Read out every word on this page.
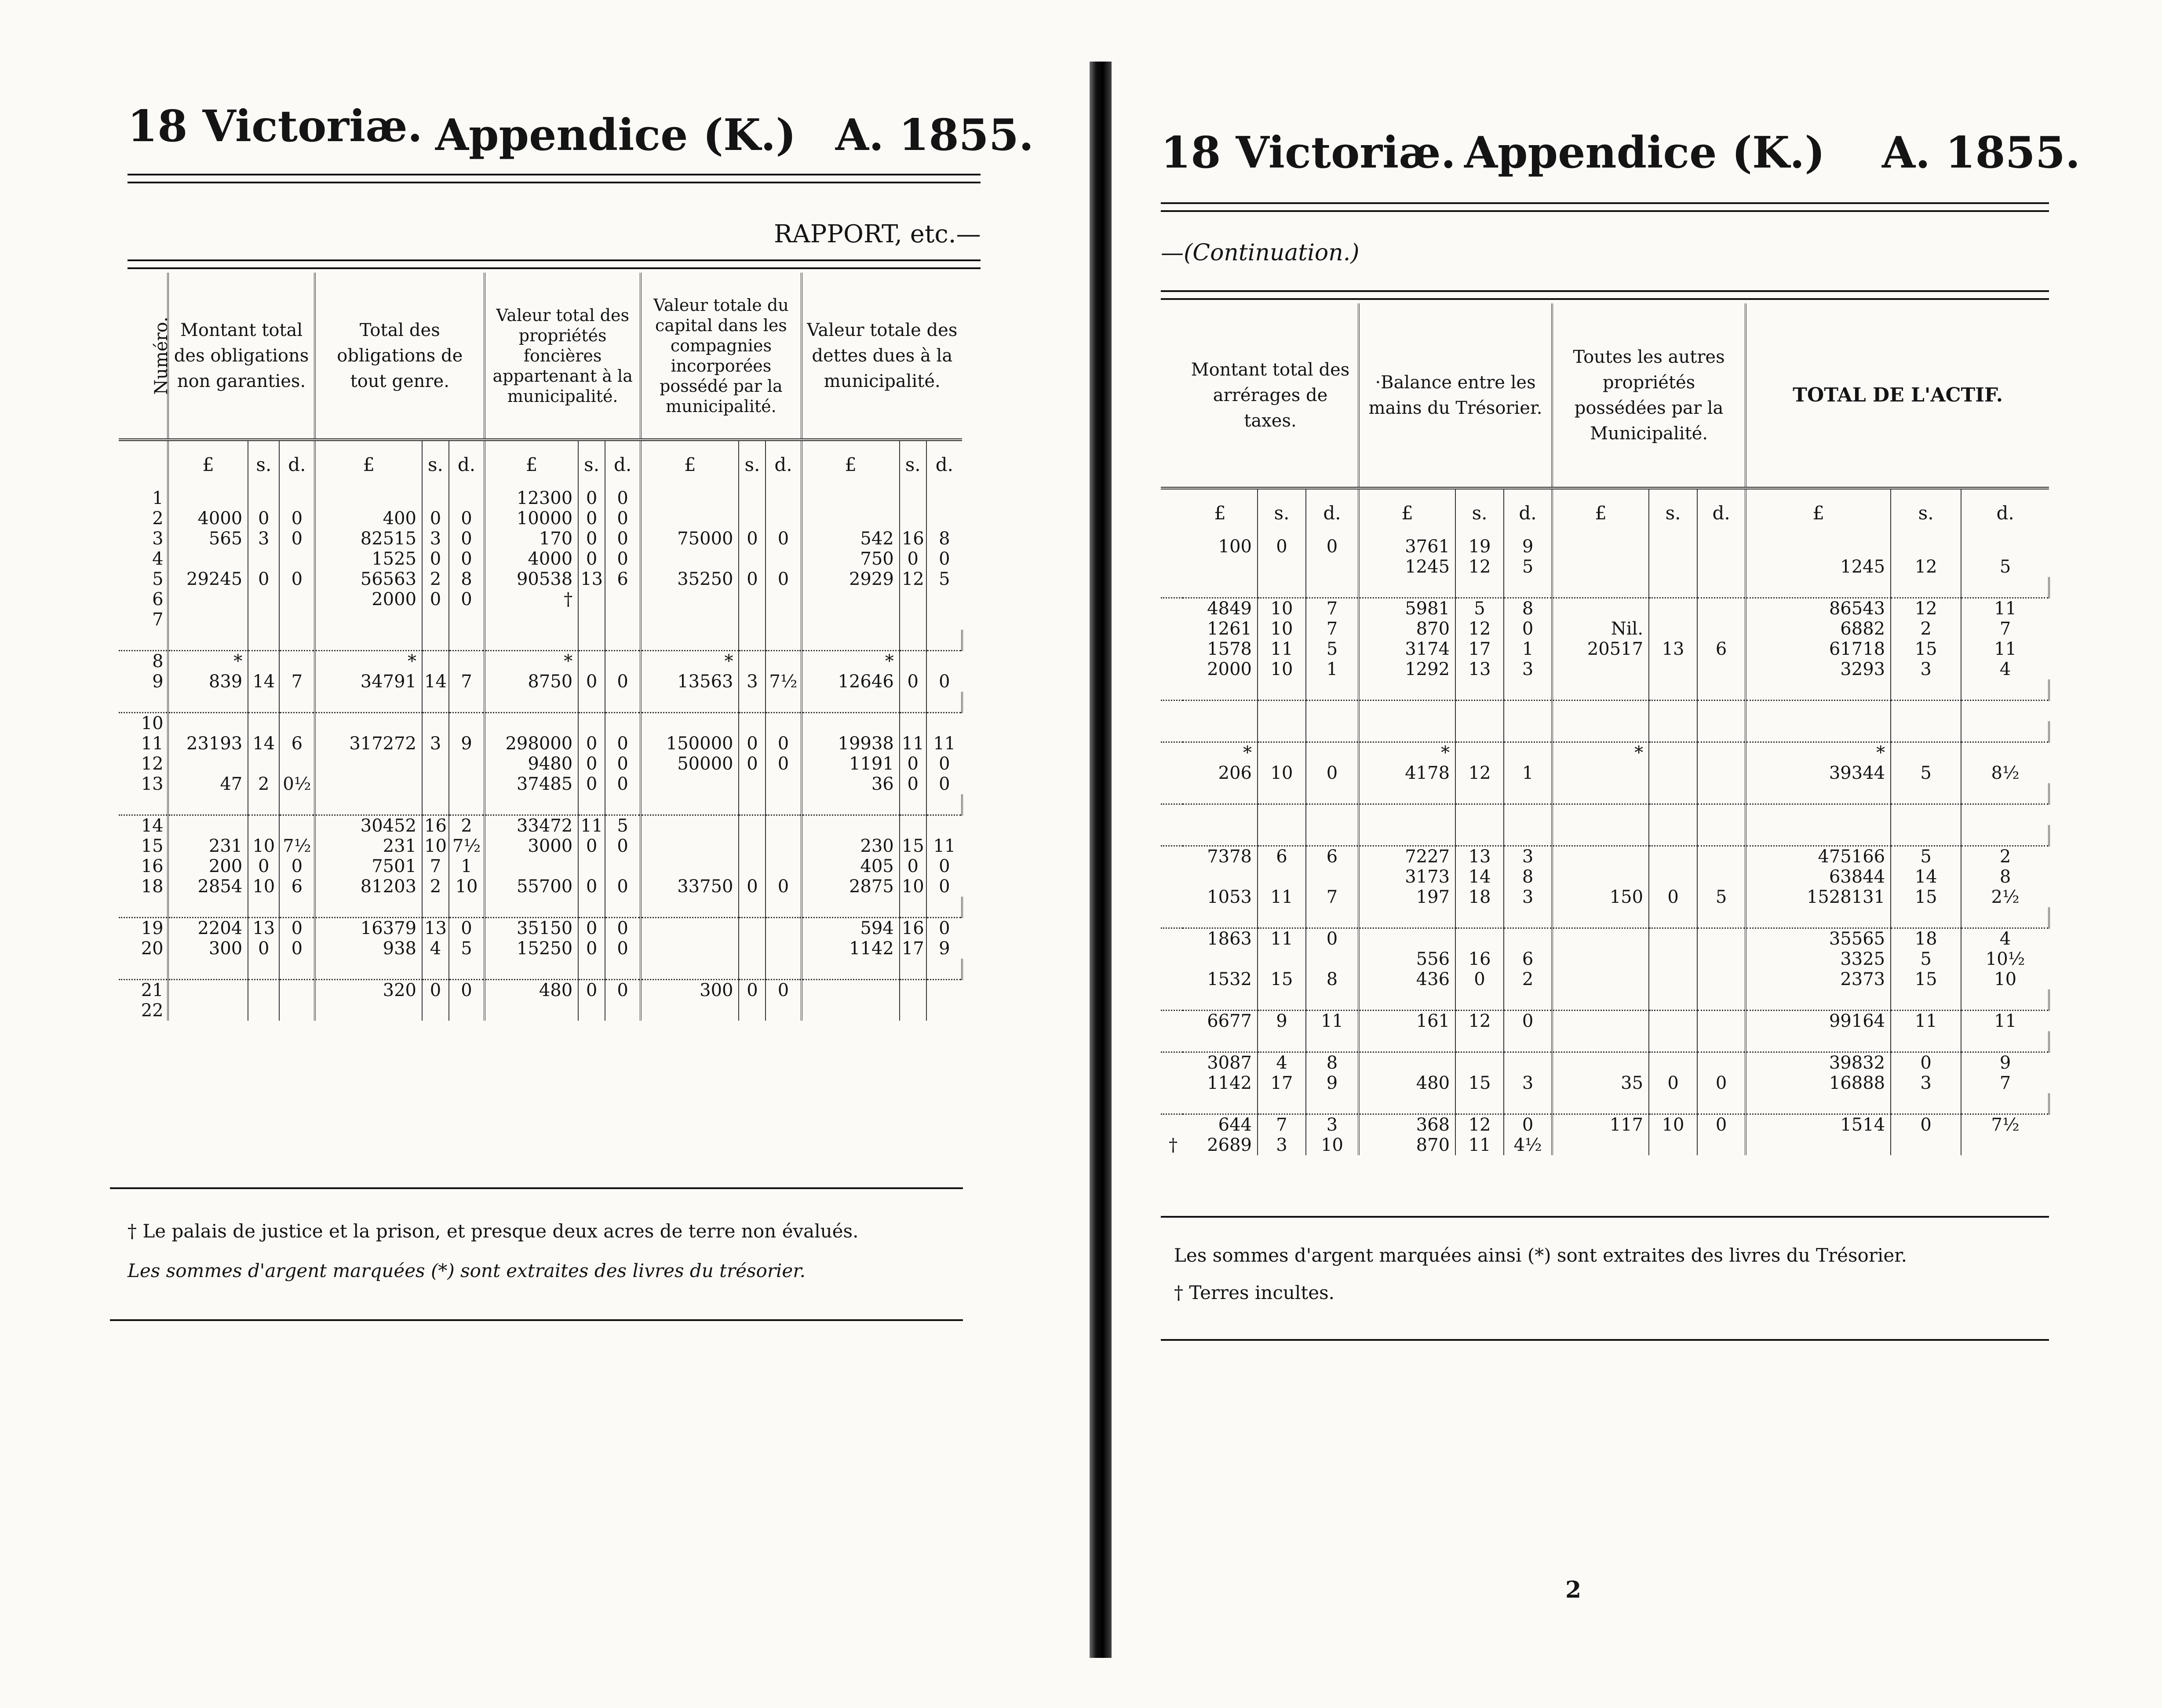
18 Victoriæ. Appendice (K.) A. 1855.
RAPPORT, etc.—
Numéro.	Montant total des obligations non garanties.			Total des obligations de tout genre.			Valeur total des propriétés foncières appartenant à la municipalité.			Valeur totale du capital dans les compagnies incorporées possédé par la municipalité.			Valeur totale des dettes dues à la municipalité.		
	£	s.	d.	£	s.	d.	£	s.	d.	£	s.	d.	£	s.	d.
1							12300	0	0						
2	4000	0	0	400	0	0	10000	0	0						
3	565	3	0	82515	3	0	170	0	0	75000	0	0	542	16	8
4				1525	0	0	4000	0	0				750	0	0
5	29245	0	0	56563	2	8	90538	13	6	35250	0	0	2929	12	5
6				2000	0	0	†								
7															

8	*			*			*			*			*		
9	839	14	7	34791	14	7	8750	0	0	13563	3	7½	12646	0	0

10															
11	23193	14	6	317272	3	9	298000	0	0	150000	0	0	19938	11	11
12							9480	0	0	50000	0	0	1191	0	0
13	47	2	0½				37485	0	0				36	0	0

14				30452	16	2	33472	11	5						
15	231	10	7½	231	10	7½	3000	0	0				230	15	11
16	200	0	0	7501	7	1							405	0	0
18	2854	10	6	81203	2	10	55700	0	0	33750	0	0	2875	10	0

19	2204	13	0	16379	13	0	35150	0	0				594	16	0
20	300	0	0	938	4	5	15250	0	0				1142	17	9

21				320	0	0	480	0	0	300	0	0			
22															
† Le palais de justice et la prison, et presque deux acres de terre non évalués.
Les sommes d'argent marquées (*) sont extraites des livres du trésorier.
18 Victoriæ. Appendice (K.) A. 1855.
—(Continuation.)
	Montant total des arrérages de taxes.			·Balance entre les mains du Trésorier.			Toutes les autres propriétés possédées par la Municipalité.			TOTAL DE L'ACTIF.		
	£	s.	d.	£	s.	d.	£	s.	d.	£	s.	d.
	100	0	0	3761	19	9						
				1245	12	5				1245	12	5

	4849	10	7	5981	5	8				86543	12	11
	1261	10	7	870	12	0	Nil.			6882	2	7
	1578	11	5	3174	17	1	20517	13	6	61718	15	11
	2000	10	1	1292	13	3				3293	3	4

	*			*			*			*		
	206	10	0	4178	12	1				39344	5	8½

	7378	6	6	7227	13	3				475166	5	2
				3173	14	8				63844	14	8
	1053	11	7	197	18	3	150	0	5	1528131	15	2½

	1863	11	0							35565	18	4
				556	16	6				3325	5	10½
	1532	15	8	436	0	2				2373	15	10

	6677	9	11	161	12	0				99164	11	11

	3087	4	8							39832	0	9
	1142	17	9	480	15	3	35	0	0	16888	3	7

	644	7	3	368	12	0	117	10	0	1514	0	7½
†	2689	3	10	870	11	4½						
Les sommes d'argent marquées ainsi (*) sont extraites des livres du Trésorier.
† Terres incultes.
2
